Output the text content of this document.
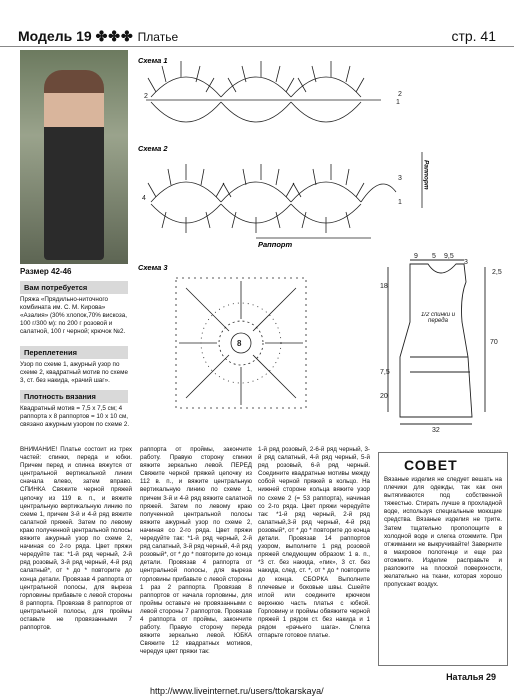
Модель 19 ✤✤✤ Платье	стр. 41
Размер 42-46
Вам потребуется
Пряжа «Прядильно-ниточного комбината им. С. М. Кирова» «Азалия» (30% хлопок,70% вискоза, 100 г/300 м): по 200 г розовой и салатной, 100 г черной; крючок №2.
Переплетения
Узор по схеме 1, ажурный узор по схеме 2, квадратный мотив по схеме 3, ст. без накида, «рачий шаг».
Плотность вязания
Квадратный мотив = 7,5 х 7,5 см; 4 раппорта х 8 раппортов = 10 х 10 см, связано ажурным узором по схеме 2.
1
2
2
3
1
4
Схема 1
Схема 2
Раппорт
Раппорт
Схема 3
8
9 5 9,5
3
2,5
18
70
7,5
20
32
1/2 спинки и переда
ВНИМАНИЕ! Платье состоит из трех частей: спинки, переда и юбки. Причем перед и спинка вяжутся от центральной вертикальной линии сначала влево, затем вправо. СПИНКА Свяжите черной пряжей цепочку из 119 в. п., и вяжите центральную вертикальную линию по схеме 1, причем 3-й и 4-й ряд вяжите салатной пряжей. Затем по левому краю полученной центральной полосы вяжите ажурный узор по схеме 2, начиная со 2-го ряда. Цвет пряжи чередуйте так: *1-й ряд черный, 2-й ряд розовый, 3-й ряд черный, 4-й ряд салатный*, от * до * повторите до конца детали. Провязав 4 раппорта от центральной полосы, для выреза горловины прибавьте с левой стороны 8 раппорта. Провязав 8 раппортов от центральной полосы, для проймы оставьте не провязанными 7 раппортов.
раппорта от проймы, закончите работу. Правую сторону спинки вяжите зеркально левой. ПЕРЕД Свяжите черной пряжей цепочку из 112 в. п., и вяжите центральную вертикальную линию по схеме 1, причем 3-й и 4-й ряд вяжите салатной пряжей. Затем по левому краю полученной центральной полосы вяжите ажурный узор по схеме 2, начиная со 2-го ряда. Цвет пряжи чередуйте так: *1-й ряд черный, 2-й ряд салатный, 3-й ряд черный, 4-й ряд розовый*, от * до * повторите до конца детали. Провязав 4 раппорта от центральной полосы, для выреза горловины прибавьте с левой стороны 1 раз 2 раппорта. Провязав 8 раппортов от начала горловины, для проймы оставьте не провязанными с левой стороны 7 раппортов. Провязав 4 раппорта от проймы, закончите работу. Правую сторону переда вяжите зеркально левой. ЮБКА Свяжите 12 квадратных мотивов, чередуя цвет пряжи так:
1-й ряд розовый, 2-6-й ряд черный, 3-й ряд салатный, 4-й ряд черный, 5-й ряд розовый, 6-й ряд черный. Соедините квадратные мотивы между собой черной пряжей в кольцо. На нижней стороне кольца вяжите узор по схеме 2 (= 53 раппорта), начиная со 2-го ряда. Цвет пряжи чередуйте так: *1-й ряд черный, 2-й ряд салатный,3-й ряд черный, 4-й ряд розовый*, от * до * повторите до конца детали. Провязав 14 раппортов узором, выполните 1 ряд розовой пряжей следующим образом: 1 в. п., *3 ст. без накида, «пик», 3 ст. без накида, след. ст. *, от * до * повторите до конца. СБОРКА Выполните плечевые и боковые швы. Сшейте иглой или соедините крючком верхнюю часть платья с юбкой. Горловину и проймы обвяжите черной пряжей 1 рядом ст. без накида и 1 рядом «рачьего шага». Слегка отпарьте готовое платье.
СОВЕТ
Вязаные изделия не следует вешать на плечики для одежды, так как они вытягиваются под собственной тяжестью. Стирать лучше в прохладной воде, используя специальные моющие средства. Вязаные изделия не трите. Затем тщательно прополощите в холодной воде и слегка отожмите. При отжимании не выкручивайте! Заверните в махровое полотенце и еще раз отожмите. Изделие расправьте и разложите на плоской поверхности, желательно на ткани, которая хорошо пропускает воздух.
Наталья 29
http://www.liveinternet.ru/users/ttokarskaya/
